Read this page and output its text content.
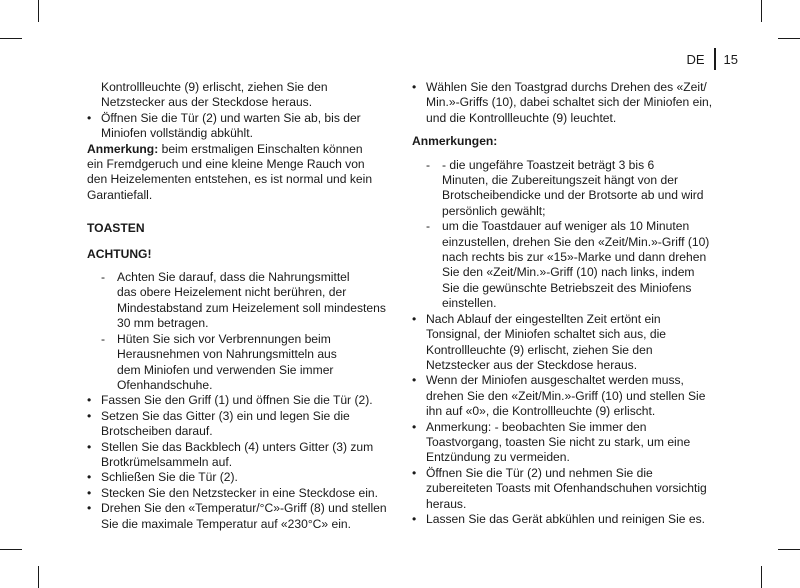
DE 15
Kontrollleuchte (9) erlischt, ziehen Sie den
Netzstecker aus der Steckdose heraus.
• Öffnen Sie die Tür (2) und warten Sie ab, bis der
Miniofen vollständig abkühlt.
Anmerkung: beim erstmaligen Einschalten können
ein Fremdgeruch und eine kleine Menge Rauch von
den Heizelementen entstehen, es ist normal und kein
Garantiefall.
TOASTEN
ACHTUNG!
- Achten Sie darauf, dass die Nahrungsmittel
das obere Heizelement nicht berühren, der
Mindestabstand zum Heizelement soll mindestens
30 mm betragen.
- Hüten Sie sich vor Verbrennungen beim
Herausnehmen von Nahrungsmitteln aus
dem Miniofen und verwenden Sie immer
Ofenhandschuhe.
• Fassen Sie den Griff (1) und öffnen Sie die Tür (2).
• Setzen Sie das Gitter (3) ein und legen Sie die
Brotscheiben darauf.
• Stellen Sie das Backblech (4) unters Gitter (3) zum
Brotkrümelsammeln auf.
• Schließen Sie die Tür (2).
• Stecken Sie den Netzstecker in eine Steckdose ein.
• Drehen Sie den «Temperatur/°C»-Griff (8) und stellen
Sie die maximale Temperatur auf «230°C» ein.
• Wählen Sie den Toastgrad durchs Drehen des «Zeit/
Min.»-Griffs (10), dabei schaltet sich der Miniofen ein,
und die Kontrollleuchte (9) leuchtet.
Anmerkungen:
- - die ungefähre Toastzeit beträgt 3 bis 6
Minuten, die Zubereitungszeit hängt von der
Brotscheibendicke und der Brotsorte ab und wird
persönlich gewählt;
- um die Toastdauer auf weniger als 10 Minuten
einzustellen, drehen Sie den «Zeit/Min.»-Griff (10)
nach rechts bis zur «15»-Marke und dann drehen
Sie den «Zeit/Min.»-Griff (10) nach links, indem
Sie die gewünschte Betriebszeit des Miniofens
einstellen.
• Nach Ablauf der eingestellten Zeit ertönt ein
Tonsignal, der Miniofen schaltet sich aus, die
Kontrollleuchte (9) erlischt, ziehen Sie den
Netzstecker aus der Steckdose heraus.
• Wenn der Miniofen ausgeschaltet werden muss,
drehen Sie den «Zeit/Min.»-Griff (10) und stellen Sie
ihn auf «0», die Kontrollleuchte (9) erlischt.
• Anmerkung: - beobachten Sie immer den
Toastvorgang, toasten Sie nicht zu stark, um eine
Entzündung zu vermeiden.
• Öffnen Sie die Tür (2) und nehmen Sie die
zubereiteten Toasts mit Ofenhandschuhen vorsichtig
heraus.
• Lassen Sie das Gerät abkühlen und reinigen Sie es.
